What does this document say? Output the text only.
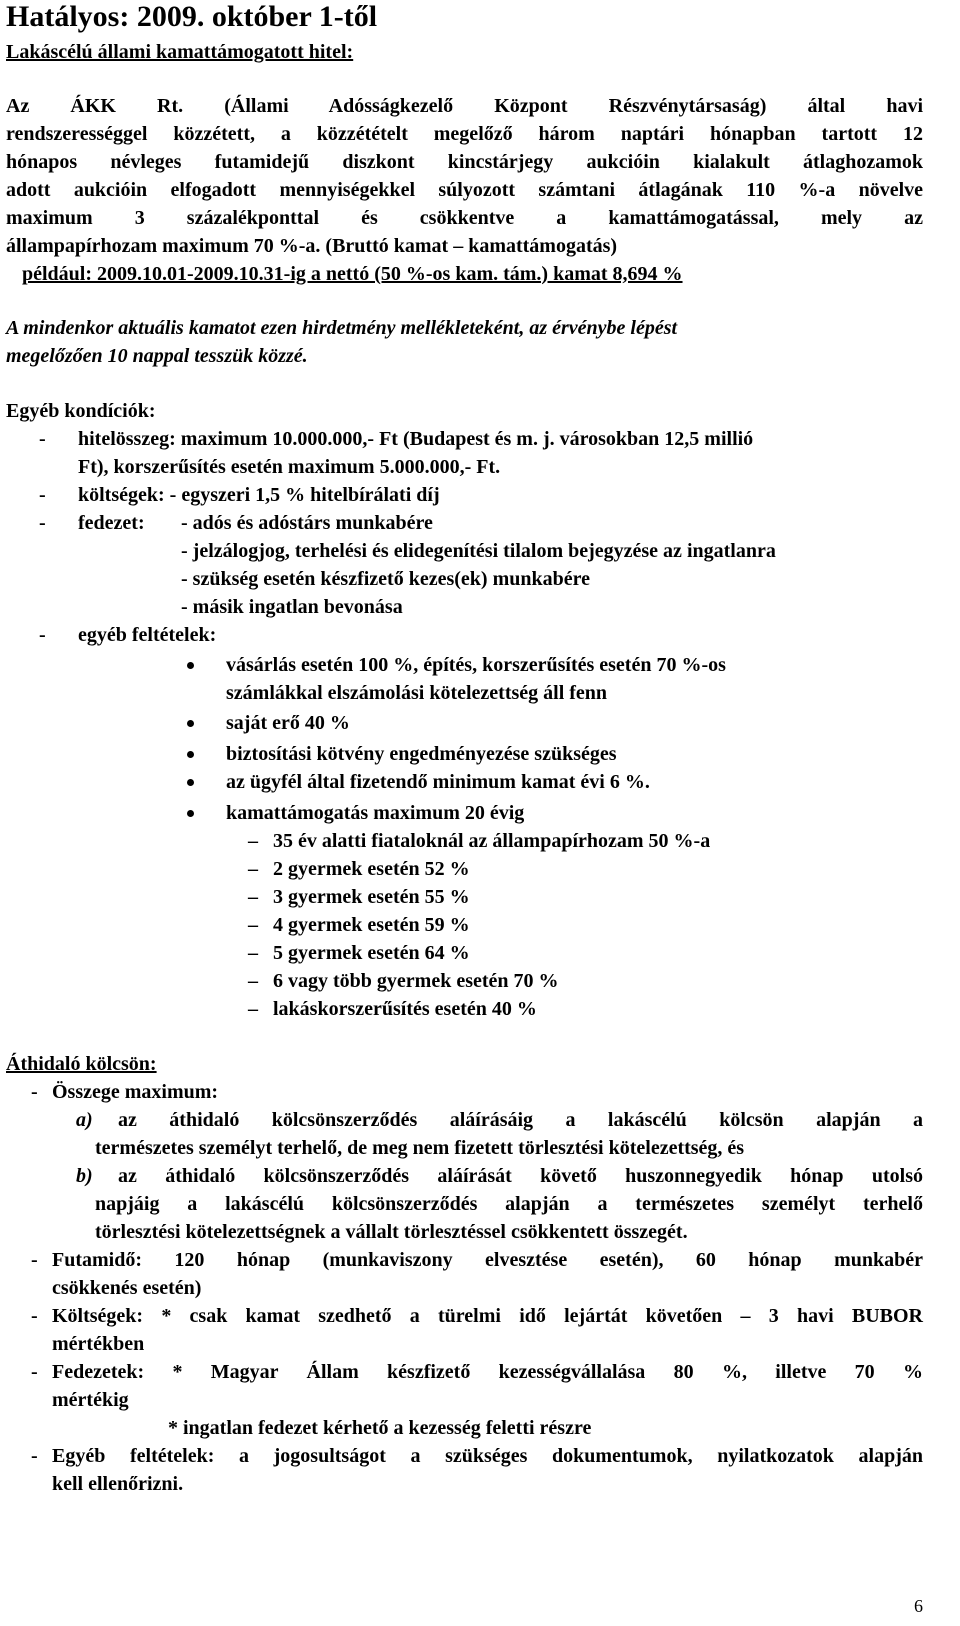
Hatályos: 2009. október 1-től
Lakáscélú állami kamattámogatott hitel:
Az ÁKK Rt. (Állami Adósságkezelő Központ Részvénytársaság) által havi
rendszerességgel közzétett, a közzétételt megelőző három naptári hónapban tartott 12
hónapos névleges futamidejű diszkont kincstárjegy aukcióin kialakult átlaghozamok
adott aukcióin elfogadott mennyiségekkel súlyozott számtani átlagának 110 %-a növelve
maximum 3 százalékponttal és csökkentve a kamattámogatással, mely az
állampapírhozam maximum 70 %-a. (Bruttó kamat – kamattámogatás)
például: 2009.10.01-2009.10.31-ig a nettó (50 %-os kam. tám.) kamat 8,694 %
A mindenkor aktuális kamatot ezen hirdetmény mellékleteként, az érvénybe lépést
megelőzően 10 nappal tesszük közzé.
Egyéb kondíciók:
- hitelösszeg: maximum 10.000.000,- Ft (Budapest és m. j. városokban 12,5 millió
Ft), korszerűsítés esetén maximum 5.000.000,- Ft.
- költségek: - egyszeri 1,5 % hitelbírálati díj
- fedezet: - adós és adóstárs munkabére
- jelzálogjog, terhelési és elidegenítési tilalom bejegyzése az ingatlanra
- szükség esetén készfizető kezes(ek) munkabére
- másik ingatlan bevonása
- egyéb feltételek:
vásárlás esetén 100 %, építés, korszerűsítés esetén 70 %-os
számlákkal elszámolási kötelezettség áll fenn
saját erő 40 %
biztosítási kötvény engedményezése szükséges
az ügyfél által fizetendő minimum kamat évi 6 %.
kamattámogatás maximum 20 évig
– 35 év alatti fiataloknál az állampapírhozam 50 %-a
– 2 gyermek esetén 52 %
– 3 gyermek esetén 55 %
– 4 gyermek esetén 59 %
– 5 gyermek esetén 64 %
– 6 vagy több gyermek esetén 70 %
– lakáskorszerűsítés esetén 40 %
Áthidaló kölcsön:
- Összege maximum:
a) az áthidaló kölcsönszerződés aláírásáig a lakáscélú kölcsön alapján a
természetes személyt terhelő, de meg nem fizetett törlesztési kötelezettség, és
b) az áthidaló kölcsönszerződés aláírását követő huszonnegyedik hónap utolsó
napjáig a lakáscélú kölcsönszerződés alapján a természetes személyt terhelő
törlesztési kötelezettségnek a vállalt törlesztéssel csökkentett összegét.
- Futamidő: 120 hónap (munkaviszony elvesztése esetén), 60 hónap munkabér
csökkenés esetén)
- Költségek: * csak kamat szedhető a türelmi idő lejártát követően – 3 havi BUBOR
mértékben
- Fedezetek: * Magyar Állam készfizető kezességvállalása 80 %, illetve 70 %
mértékig
* ingatlan fedezet kérhető a kezesség feletti részre
- Egyéb feltételek: a jogosultságot a szükséges dokumentumok, nyilatkozatok alapján
kell ellenőrizni.
6
